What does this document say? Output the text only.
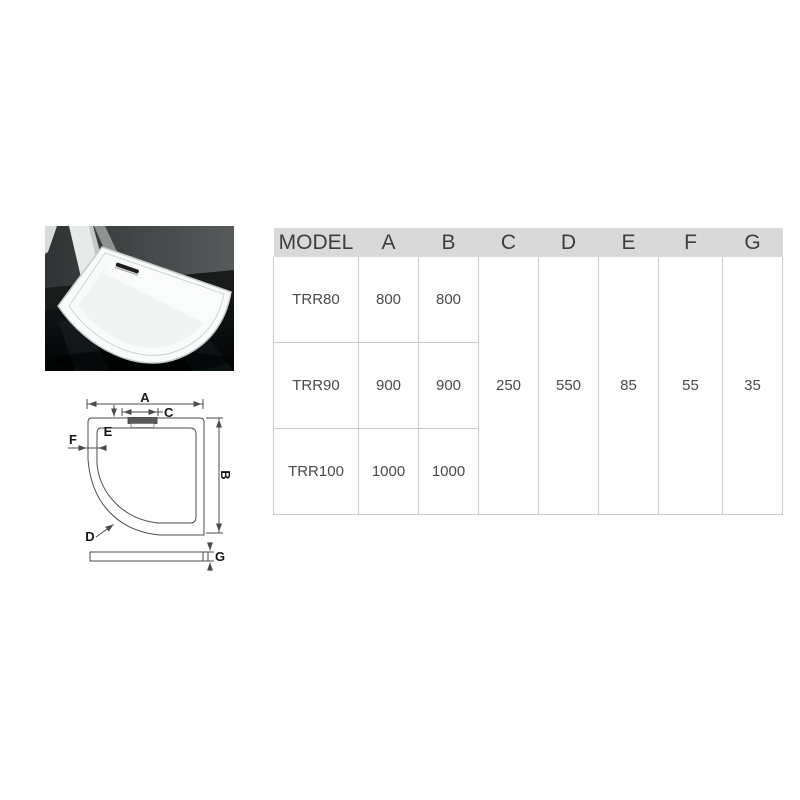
A
C
E
F
B
D
G
MODEL	A	B	C	D	E	F	G
TRR80	800	800	250	550	85	55	35
TRR90	900	900					
TRR100	1000	1000					
